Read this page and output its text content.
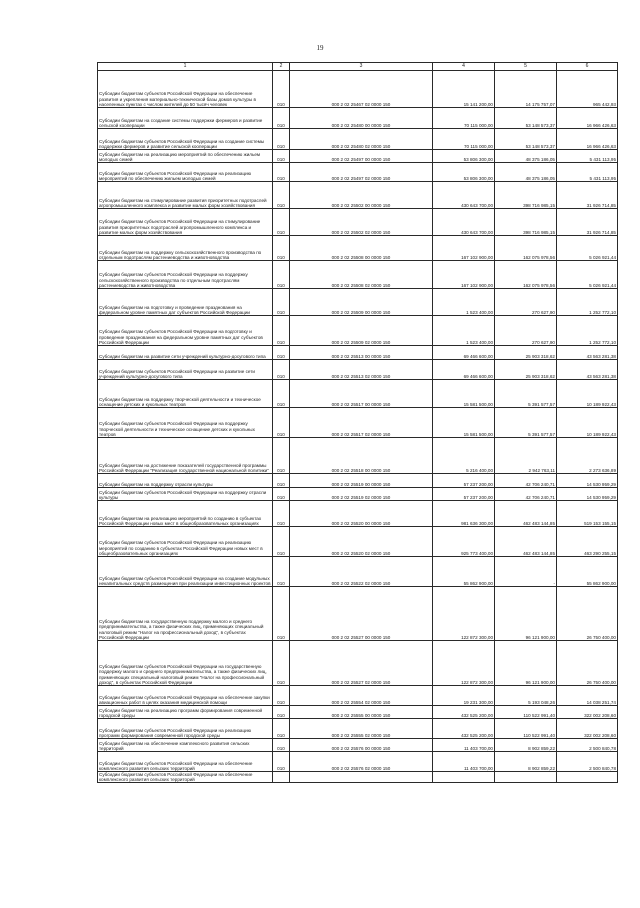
19
1	2	3	4	5	6
Субсидии бюджетам субъектов Российской Федерации на обеспечение развития и укрепления материально-технической базы домов культуры в населенных пунктах с числом жителей до 50 тысяч человек	010	000 2 02 25467 02 0000 150	15 141 200,00	14 175 757,07	965 442,93
Субсидии бюджетам на создание системы поддержки фермеров и развитие сельской кооперации	010	000 2 02 25480 00 0000 150	70 115 000,00	53 148 573,37	16 966 426,63
Субсидии бюджетам субъектов Российской Федерации на создание системы поддержки фермеров и развитие сельской кооперации	010	000 2 02 25480 02 0000 150	70 115 000,00	53 148 573,37	16 966 426,63
Субсидии бюджетам на реализацию мероприятий по обеспечению жильем молодых семей	010	000 2 02 25497 00 0000 150	53 806 300,00	48 375 186,05	5 431 113,95
Субсидии бюджетам субъектов Российской Федерации на реализацию мероприятий по обеспечению жильем молодых семей	010	000 2 02 25497 02 0000 150	53 806 300,00	48 375 186,05	5 431 113,95
Субсидии бюджетам на стимулирование развития приоритетных подотраслей агропромышленного комплекса и развитие малых форм хозяйствования	010	000 2 02 25502 00 0000 150	430 643 700,00	398 716 985,15	31 926 714,85
Субсидии бюджетам субъектов Российской Федерации на стимулирование развития приоритетных подотраслей агропромышленного комплекса и развитие малых форм хозяйствования	010	000 2 02 25502 02 0000 150	430 643 700,00	398 716 985,15	31 926 714,85
Субсидии бюджетам на поддержку сельскохозяйственного производства по отдельным подотраслям растениеводства и животноводства	010	000 2 02 25508 00 0000 150	167 102 900,00	162 075 978,56	5 026 921,44
Субсидии бюджетам субъектов Российской Федерации на поддержку сельскохозяйственного производства по отдельным подотраслям растениеводства и животноводства	010	000 2 02 25508 02 0000 150	167 102 900,00	162 075 978,56	5 026 921,44
Субсидии бюджетам на подготовку и проведение празднования на федеральном уровне памятных дат субъектов Российской Федерации	010	000 2 02 25509 00 0000 150	1 523 400,00	270 627,90	1 252 772,10
Субсидии бюджетам субъектов Российской Федерации на подготовку и проведение празднования на федеральном уровне памятных дат субъектов Российской Федерации	010	000 2 02 25509 02 0000 150	1 523 400,00	270 627,90	1 252 772,10
Субсидии бюджетам на развитие сети учреждений культурно-досугового типа	010	000 2 02 25513 00 0000 150	69 466 600,00	25 903 318,62	43 563 281,38
Субсидии бюджетам субъектов Российской Федерации на развитие сети учреждений культурно-досугового типа	010	000 2 02 25513 02 0000 150	69 466 600,00	25 903 318,62	43 563 281,38
Субсидии бюджетам на поддержку творческой деятельности и техническое оснащение детских и кукольных театров	010	000 2 02 25517 00 0000 150	15 581 500,00	5 391 577,57	10 189 922,43
Субсидии бюджетам субъектов Российской Федерации на поддержку творческой деятельности и техническое оснащение детских и кукольных театров	010	000 2 02 25517 02 0000 150	15 581 500,00	5 391 577,57	10 189 922,43
Субсидии бюджетам на достижение показателей государственной программы Российской Федерации "Реализация государственной национальной политики"	010	000 2 02 25518 00 0000 150	5 216 400,00	2 942 763,11	2 273 636,89
Субсидии бюджетам на поддержку отрасли культуры	010	000 2 02 25519 00 0000 150	57 237 200,00	42 706 240,71	14 530 959,29
Субсидии бюджетам субъектов Российской Федерации на поддержку отрасли культуры	010	000 2 02 25519 02 0000 150	57 237 200,00	42 706 240,71	14 530 959,29
Субсидии бюджетам на реализацию мероприятий по созданию в субъектах Российской Федерации новых мест в общеобразовательных организациях	010	000 2 02 25520 00 0000 150	981 636 300,00	462 483 144,85	519 153 155,15
Субсидии бюджетам субъектов Российской Федерации на реализацию мероприятий по созданию в субъектах Российской Федерации новых мест в общеобразовательных организациях	010	000 2 02 25520 02 0000 150	925 773 400,00	462 483 144,85	463 290 255,15
Субсидии бюджетам субъектов Российской Федерации на создание модульных некапитальных средств размещения при реализации инвестиционных проектов	010	000 2 02 25522 02 0000 150	55 862 900,00	-	55 862 900,00
Субсидии бюджетам на государственную поддержку малого и среднего предпринимательства, а также физических лиц, применяющих специальный налоговый режим "Налог на профессиональный доход", в субъектах Российской Федерации	010	000 2 02 25527 00 0000 150	122 872 300,00	96 121 900,00	26 750 400,00
Субсидии бюджетам субъектов Российской Федерации на государственную поддержку малого и среднего предпринимательства, а также физических лиц, применяющих специальный налоговый режим "Налог на профессиональный доход", в субъектах Российской Федерации	010	000 2 02 25527 02 0000 150	122 872 300,00	96 121 900,00	26 750 400,00
Субсидии бюджетам субъектов Российской Федерации на обеспечение закупки авиационных работ в целях оказания медицинской помощи	010	000 2 02 25554 02 0000 150	19 231 300,00	5 193 048,26	14 038 251,74
Субсидии бюджетам на реализацию программ формирования современной городской среды	010	000 2 02 25555 00 0000 150	432 525 200,00	110 522 991,40	322 002 208,60
Субсидии бюджетам субъектов Российской Федерации на реализацию программ формирования современной городской среды	010	000 2 02 25555 02 0000 150	432 525 200,00	110 522 991,40	322 002 208,60
Субсидии бюджетам на обеспечение комплексного развития сельских территорий	010	000 2 02 25576 00 0000 150	11 403 700,00	8 902 859,22	2 500 840,78
Субсидии бюджетам субъектов Российской Федерации на обеспечение комплексного развития сельских территорий	010	000 2 02 25576 02 0000 150	11 403 700,00	8 902 859,22	2 500 840,78
Субсидии бюджетам субъектов Российской Федерации на обеспечение комплексного развития сельских территорий					
